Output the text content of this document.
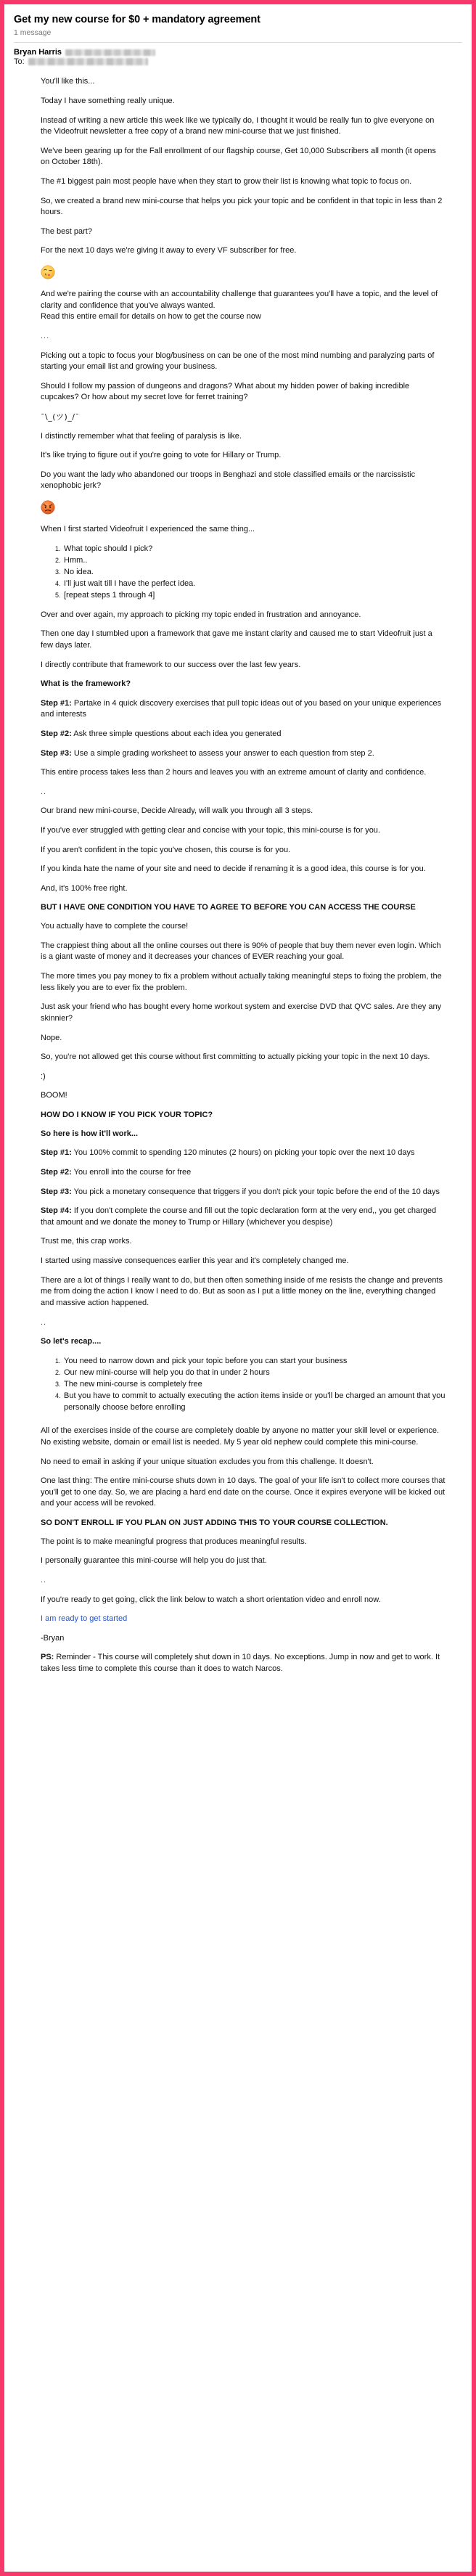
Get my new course for $0 + mandatory agreement
1 message
Bryan Harris
To:

You'll like this...

Today I have something really unique.

Instead of writing a new article this week like we typically do, I thought it would be really fun to give everyone on the Videofruit newsletter a free copy of a brand new mini-course that we just finished.

We've been gearing up for the Fall enrollment of our flagship course, Get 10,000 Subscribers all month (it opens on October 18th).

The #1 biggest pain most people have when they start to grow their list is knowing what topic to focus on.

So, we created a brand new mini-course that helps you pick your topic and be confident in that topic in less than 2 hours.

The best part?

For the next 10 days we're giving it away to every VF subscriber for free.

And we're pairing the course with an accountability challenge that guarantees you'll have a topic, and the level of clarity and confidence that you've always wanted.

Read this entire email for details on how to get the course now

...

Picking out a topic to focus your blog/business on can be one of the most mind numbing and paralyzing parts of starting your email list and growing your business.

Should I follow my passion of dungeons and dragons? What about my hidden power of baking incredible cupcakes? Or how about my secret love for ferret training?

¯\_(ツ)_/¯

I distinctly remember what that feeling of paralysis is like.

It's like trying to figure out if you're going to vote for Hillary or Trump.

Do you want the lady who abandoned our troops in Benghazi and stole classified emails or the narcissistic xenophobic jerk?

When I first started Videofruit I experienced the same thing...

1. What topic should I pick?
2. Hmm..
3. No idea.
4. I'll just wait till I have the perfect idea.
5. [repeat steps 1 through 4]

Over and over again, my approach to picking my topic ended in frustration and annoyance.

Then one day I stumbled upon a framework that gave me instant clarity and caused me to start Videofruit just a few days later.

I directly contribute that framework to our success over the last few years.

What is the framework?

Step #1: Partake in 4 quick discovery exercises that pull topic ideas out of you based on your unique experiences and interests

Step #2: Ask three simple questions about each idea you generated

Step #3: Use a simple grading worksheet to assess your answer to each question from step 2.

This entire process takes less than 2 hours and leaves you with an extreme amount of clarity and confidence.

..

Our brand new mini-course, Decide Already, will walk you through all 3 steps.

If you've ever struggled with getting clear and concise with your topic, this mini-course is for you.

If you aren't confident in the topic you've chosen, this course is for you.

If you kinda hate the name of your site and need to decide if renaming it is a good idea, this course is for you.

And, it's 100% free right.

BUT I HAVE ONE CONDITION YOU HAVE TO AGREE TO BEFORE YOU CAN ACCESS THE COURSE

You actually have to complete the course!

The crappiest thing about all the online courses out there is 90% of people that buy them never even login. Which is a giant waste of money and it decreases your chances of EVER reaching your goal.

The more times you pay money to fix a problem without actually taking meaningful steps to fixing the problem, the less likely you are to ever fix the problem.

Just ask your friend who has bought every home workout system and exercise DVD that QVC sales. Are they any skinnier?

Nope.

So, you're not allowed get this course without first committing to actually picking your topic in the next 10 days.

:)

BOOM!

HOW DO I KNOW IF YOU PICK YOUR TOPIC?

So here is how it'll work...

Step #1: You 100% commit to spending 120 minutes (2 hours) on picking your topic over the next 10 days

Step #2: You enroll into the course for free

Step #3: You pick a monetary consequence that triggers if you don't pick your topic before the end of the 10 days

Step #4: If you don't complete the course and fill out the topic declaration form at the very end,, you get charged that amount and we donate the money to Trump or Hillary (whichever you despise)

Trust me, this crap works.

I started using massive consequences earlier this year and it's completely changed me.

There are a lot of things I really want to do, but then often something inside of me resists the change and prevents me from doing the action I know I need to do. But as soon as I put a little money on the line, everything changed and massive action happened.

..

So let's recap....

1. You need to narrow down and pick your topic before you can start your business
2. Our new mini-course will help you do that in under 2 hours
3. The new mini-course is completely free
4. But you have to commit to actually executing the action items inside or you'll be charged an amount that you personally choose before enrolling

All of the exercises inside of the course are completely doable by anyone no matter your skill level or experience. No existing website, domain or email list is needed. My 5 year old nephew could complete this mini-course.

No need to email in asking if your unique situation excludes you from this challenge. It doesn't.

One last thing: The entire mini-course shuts down in 10 days. The goal of your life isn't to collect more courses that you'll get to one day. So, we are placing a hard end date on the course. Once it expires everyone will be kicked out and your access will be revoked.

SO DON'T ENROLL IF YOU PLAN ON JUST ADDING THIS TO YOUR COURSE COLLECTION.

The point is to make meaningful progress that produces meaningful results.

I personally guarantee this mini-course will help you do just that.

..

If you're ready to get going, click the link below to watch a short orientation video and enroll now.

I am ready to get started

-Bryan

PS: Reminder - This course will completely shut down in 10 days. No exceptions. Jump in now and get to work. It takes less time to complete this course than it does to watch Narcos.
